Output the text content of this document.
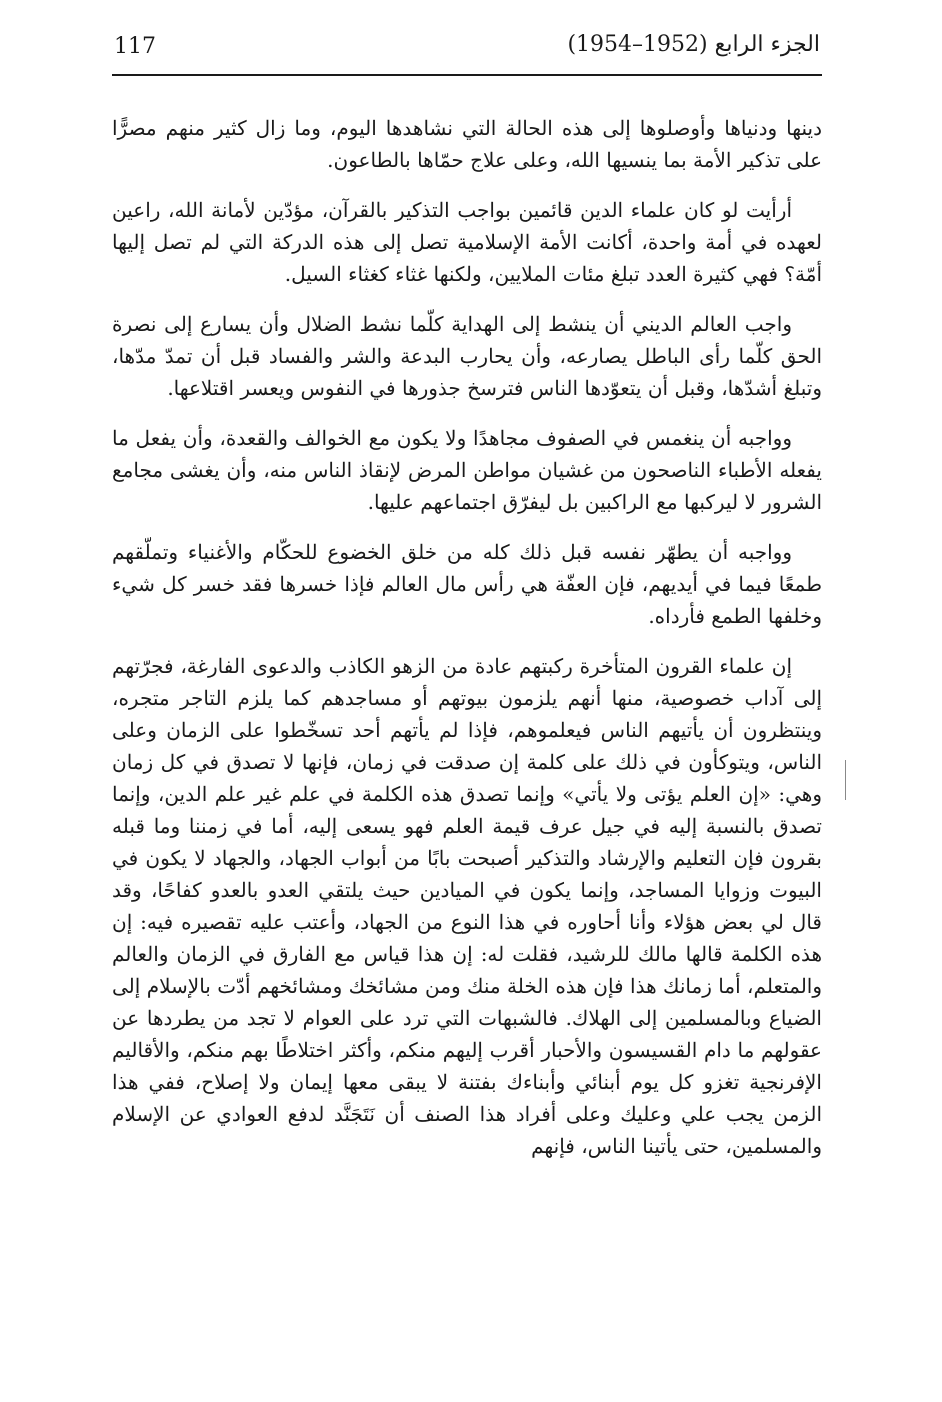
117	الجزء الرابع (1952–1954)

دينها ودنياها وأوصلوها إلى هذه الحالة التي نشاهدها اليوم، وما زال كثير منهم مصرًّا على تذكير الأمة بما ينسيها الله، وعلى علاج حمّاها بالطاعون.

أرأيت لو كان علماء الدين قائمين بواجب التذكير بالقرآن، مؤدّين لأمانة الله، راعين لعهده في أمة واحدة، أكانت الأمة الإسلامية تصل إلى هذه الدركة التي لم تصل إليها أمّة؟ فهي كثيرة العدد تبلغ مئات الملايين، ولكنها غثاء كغثاء السيل.

واجب العالم الديني أن ينشط إلى الهداية كلّما نشط الضلال وأن يسارع إلى نصرة الحق كلّما رأى الباطل يصارعه، وأن يحارب البدعة والشر والفساد قبل أن تمدّ مدّها، وتبلغ أشدّها، وقبل أن يتعوّدها الناس فترسخ جذورها في النفوس ويعسر اقتلاعها.

وواجبه أن ينغمس في الصفوف مجاهدًا ولا يكون مع الخوالف والقعدة، وأن يفعل ما يفعله الأطباء الناصحون من غشيان مواطن المرض لإنقاذ الناس منه، وأن يغشى مجامع الشرور لا ليركبها مع الراكبين بل ليفرّق اجتماعهم عليها.

وواجبه أن يطهّر نفسه قبل ذلك كله من خلق الخضوع للحكّام والأغنياء وتملّقهم طمعًا فيما في أيديهم، فإن العفّة هي رأس مال العالم فإذا خسرها فقد خسر كل شيء وخلفها الطمع فأرداه.

إن علماء القرون المتأخرة ركبتهم عادة من الزهو الكاذب والدعوى الفارغة، فجرّتهم إلى آداب خصوصية، منها أنهم يلزمون بيوتهم أو مساجدهم كما يلزم التاجر متجره، وينتظرون أن يأتيهم الناس فيعلموهم، فإذا لم يأتهم أحد تسخّطوا على الزمان وعلى الناس، ويتوكأون في ذلك على كلمة إن صدقت في زمان، فإنها لا تصدق في كل زمان وهي: «إن العلم يؤتى ولا يأتي» وإنما تصدق هذه الكلمة في علم غير علم الدين، وإنما تصدق بالنسبة إليه في جيل عرف قيمة العلم فهو يسعى إليه، أما في زمننا وما قبله بقرون فإن التعليم والإرشاد والتذكير أصبحت بابًا من أبواب الجهاد، والجهاد لا يكون في البيوت وزوايا المساجد، وإنما يكون في الميادين حيث يلتقي العدو بالعدو كفاحًا، وقد قال لي بعض هؤلاء وأنا أحاوره في هذا النوع من الجهاد، وأعتب عليه تقصيره فيه: إن هذه الكلمة قالها مالك للرشيد، فقلت له: إن هذا قياس مع الفارق في الزمان والعالم والمتعلم، أما زمانك هذا فإن هذه الخلة منك ومن مشائخك ومشائخهم أدّت بالإسلام إلى الضياع وبالمسلمين إلى الهلاك. فالشبهات التي ترد على العوام لا تجد من يطردها عن عقولهم ما دام القسيسون والأحبار أقرب إليهم منكم، وأكثر اختلاطًا بهم منكم، والأقاليم الإفرنجية تغزو كل يوم أبنائي وأبناءك بفتنة لا يبقى معها إيمان ولا إصلاح، ففي هذا الزمن يجب علي وعليك وعلى أفراد هذا الصنف أن نَتَجَنَّد لدفع العوادي عن الإسلام والمسلمين، حتى يأتينا الناس، فإنهم
